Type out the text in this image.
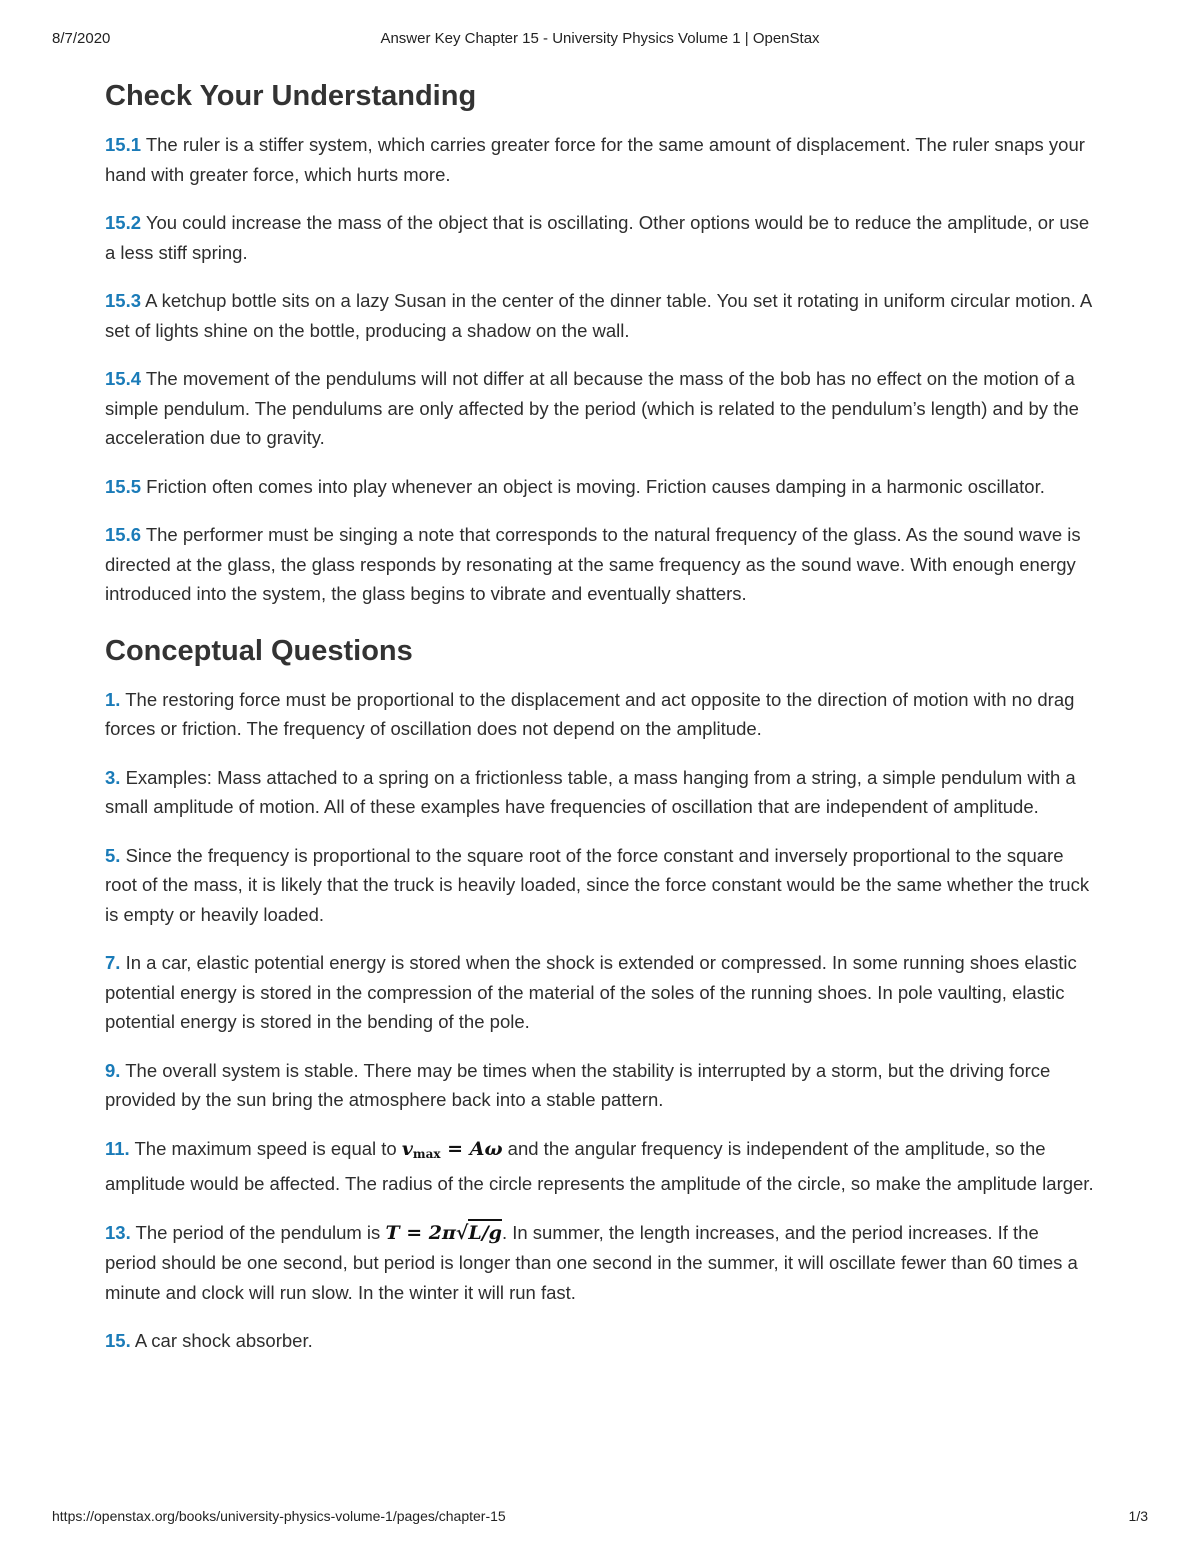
Answer Key Chapter 15 - University Physics Volume 1 | OpenStax
8/7/2020
Check Your Understanding

15.1 The ruler is a stiffer system, which carries greater force for the same amount of displacement. The ruler snaps your hand with greater force, which hurts more.

15.2 You could increase the mass of the object that is oscillating. Other options would be to reduce the amplitude, or use a less stiff spring.

15.3 A ketchup bottle sits on a lazy Susan in the center of the dinner table. You set it rotating in uniform circular motion. A set of lights shine on the bottle, producing a shadow on the wall.

15.4 The movement of the pendulums will not differ at all because the mass of the bob has no effect on the motion of a simple pendulum. The pendulums are only affected by the period (which is related to the pendulum’s length) and by the acceleration due to gravity.

15.5 Friction often comes into play whenever an object is moving. Friction causes damping in a harmonic oscillator.

15.6 The performer must be singing a note that corresponds to the natural frequency of the glass. As the sound wave is directed at the glass, the glass responds by resonating at the same frequency as the sound wave. With enough energy introduced into the system, the glass begins to vibrate and eventually shatters.

Conceptual Questions

1. The restoring force must be proportional to the displacement and act opposite to the direction of motion with no drag forces or friction. The frequency of oscillation does not depend on the amplitude.

3. Examples: Mass attached to a spring on a frictionless table, a mass hanging from a string, a simple pendulum with a small amplitude of motion. All of these examples have frequencies of oscillation that are independent of amplitude.

5. Since the frequency is proportional to the square root of the force constant and inversely proportional to the square root of the mass, it is likely that the truck is heavily loaded, since the force constant would be the same whether the truck is empty or heavily loaded.

7. In a car, elastic potential energy is stored when the shock is extended or compressed. In some running shoes elastic potential energy is stored in the compression of the material of the soles of the running shoes. In pole vaulting, elastic potential energy is stored in the bending of the pole.

9. The overall system is stable. There may be times when the stability is interrupted by a storm, but the driving force provided by the sun bring the atmosphere back into a stable pattern.

11. The maximum speed is equal to $v_{max} = A\omega$ and the angular frequency is independent of the amplitude, so the amplitude would be affected. The radius of the circle represents the amplitude of the circle, so make the amplitude larger.

13. The period of the pendulum is T = 2π√L/g. In summer, the length increases, and the period increases. If the period should be one second, but period is longer than one second in the summer, it will oscillate fewer than 60 times a minute and clock will run slow. In the winter it will run fast.

15. A car shock absorber.

https://openstax.org/books/university-physics-volume-1/pages/chapter-15	1/3
